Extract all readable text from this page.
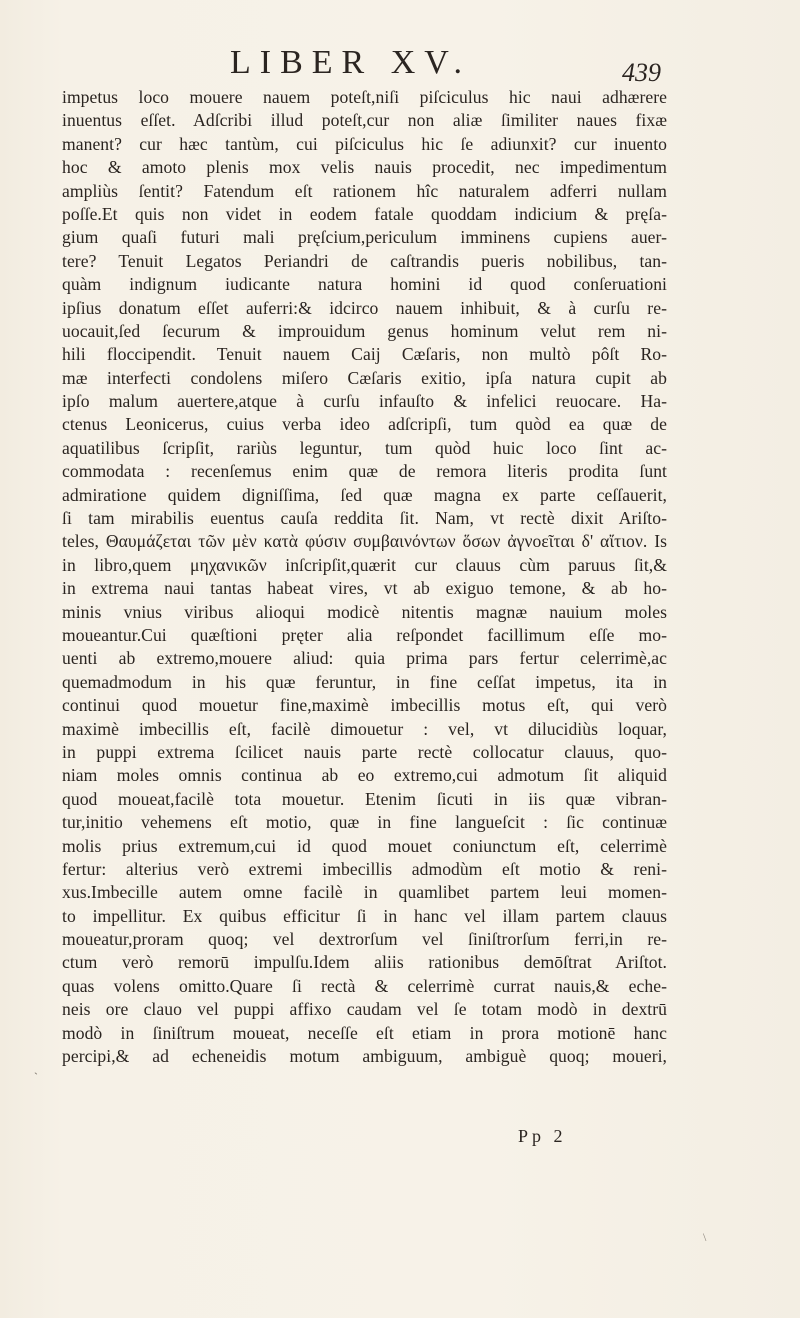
LIBER XV.	439
impetus loco mouere nauem poteſt,niſi piſciculus hic naui adhærere
inuentus eſſet. Adſcribi illud poteſt,cur non aliæ ſimiliter naues fixæ
manent? cur hæc tantùm, cui piſciculus hic ſe adiunxit? cur inuento
hoc & amoto plenis mox velis nauis procedit, nec impedimentum
ampliùs ſentit? Fatendum eſt rationem hîc naturalem adferri nullam
poſſe.Et quis non videt in eodem fatale quoddam indicium & pręſa-
gium quaſi futuri mali pręſcium,periculum imminens cupiens auer-
tere? Tenuit Legatos Periandri de caſtrandis pueris nobilibus, tan-
quàm indignum iudicante natura homini id quod conſeruationi
ipſius donatum eſſet auferri:& idcirco nauem inhibuit, & à curſu re-
uocauit,ſed ſecurum & improuidum genus hominum velut rem ni-
hili floccipendit. Tenuit nauem Caij Cæſaris, non multò pôſt Ro-
mæ interfecti condolens miſero Cæſaris exitio, ipſa natura cupit ab
ipſo malum auertere,atque à curſu infauſto & infelici reuocare. Ha-
ctenus Leonicerus, cuius verba ideo adſcripſi, tum quòd ea quæ de
aquatilibus ſcripſit, rariùs leguntur, tum quòd huic loco ſint ac-
commodata : recenſemus enim quæ de remora literis prodita ſunt
admiratione quidem digniſſima, ſed quæ magna ex parte ceſſauerit,
ſi tam mirabilis euentus cauſa reddita ſit. Nam, vt rectè dixit Ariſto-
teles, Θαυμάζεται τῶν μὲν κατὰ φύσιν συμβαινόντων ὅσων ἀγνοεῖται δ' αἴτιον. Is
in libro,quem μηχανικῶν inſcripſit,quærit cur clauus cùm paruus ſit,&
in extrema naui tantas habeat vires, vt ab exiguo temone, & ab ho-
minis vnius viribus alioqui modicè nitentis magnæ nauium moles
moueantur.Cui quæſtioni pręter alia reſpondet facillimum eſſe mo-
uenti ab extremo,mouere aliud: quia prima pars fertur celerrimè,ac
quemadmodum in his quæ feruntur, in fine ceſſat impetus, ita in
continui quod mouetur fine,maximè imbecillis motus eſt, qui verò
maximè imbecillis eſt, facilè dimouetur : vel, vt dilucidiùs loquar,
in puppi extrema ſcilicet nauis parte rectè collocatur clauus, quo-
niam moles omnis continua ab eo extremo,cui admotum ſit aliquid
quod moueat,facilè tota mouetur. Etenim ſicuti in iis quæ vibran-
tur,initio vehemens eſt motio, quæ in fine langueſcit : ſic continuæ
molis prius extremum,cui id quod mouet coniunctum eſt, celerrimè
fertur: alterius verò extremi imbecillis admodùm eſt motio & reni-
xus.Imbecille autem omne facilè in quamlibet partem leui momen-
to impellitur. Ex quibus efficitur ſi in hanc vel illam partem clauus
moueatur,proram quoq; vel dextrorſum vel ſiniſtrorſum ferri,in re-
ctum verò remorū impulſu.Idem aliis rationibus demōſtrat Ariſtot.
quas volens omitto.Quare ſi rectà & celerrimè currat nauis,& eche-
neis ore clauo vel puppi affixo caudam vel ſe totam modò in dextrū
modò in ſiniſtrum moueat, neceſſe eſt etiam in prora motionē hanc
percipi,& ad echeneidis motum ambiguum, ambiguè quoq; moueri,
`
\
Pp 2
